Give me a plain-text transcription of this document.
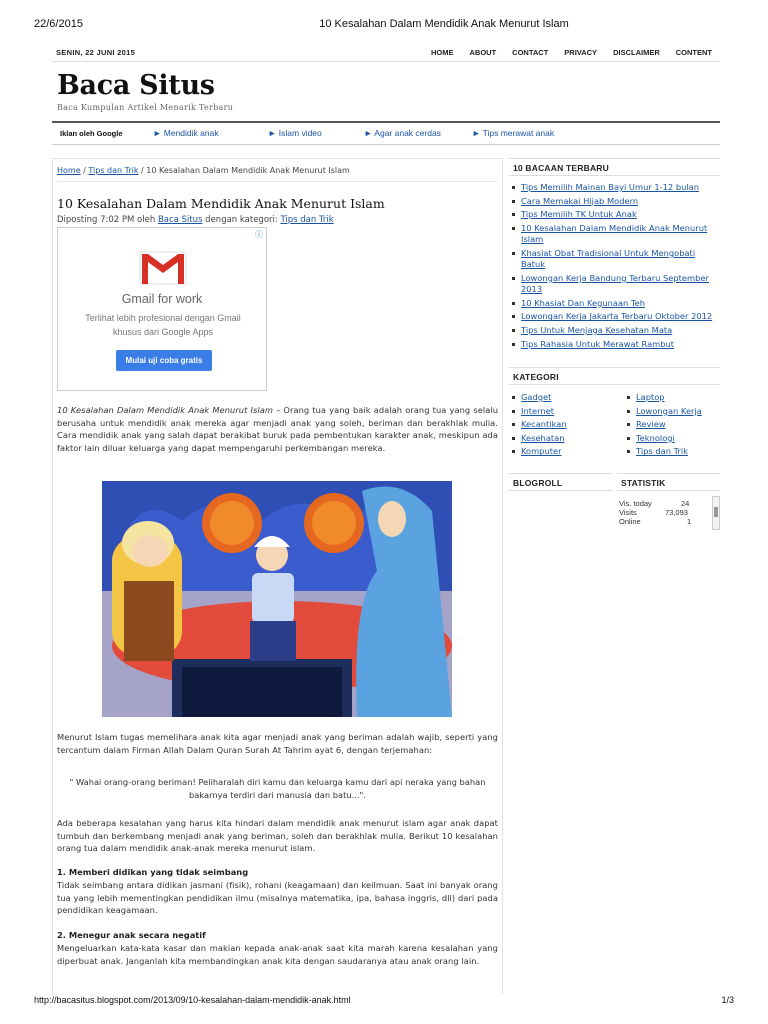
22/6/2015	10 Kesalahan Dalam Mendidik Anak Menurut Islam
SENIN, 22 JUNI 2015	HOME ABOUT CONTACT PRIVACY DISCLAIMER CONTENT
Baca Situs
Baca Kumpulan Artikel Menarik Terbaru
Iklan oleh Google	► Mendidik anak	► Islam video	► Agar anak cerdas	► Tips merawat anak
Home / Tips dan Trik / 10 Kesalahan Dalam Mendidik Anak Menurut Islam
10 Kesalahan Dalam Mendidik Anak Menurut Islam
Diposting 7:02 PM oleh Baca Situs dengan kategori: Tips dan Trik
ⓘ
Gmail for work
Terlihat lebih profesional dengan Gmail khusus dari Google Apps
Mulai uji coba gratis

10 Kesalahan Dalam Mendidik Anak Menurut Islam – Orang tua yang baik adalah orang tua yang selalu berusaha untuk mendidik anak mereka agar menjadi anak yang soleh, beriman dan berakhlak mulia. Cara mendidik anak yang salah dapat berakibat buruk pada pembentukan karakter anak, meskipun ada faktor lain diluar keluarga yang dapat mempengaruhi perkembangan mereka.

Menurut Islam tugas memelihara anak kita agar menjadi anak yang beriman adalah wajib, seperti yang tercantum dalam Firman Allah Dalam Quran Surah At Tahrim ayat 6, dengan terjemahan:

" Wahai orang-orang beriman! Peliharalah diri kamu dan keluarga kamu dari api neraka yang bahan bakarnya terdiri dari manusia dan batu...".

Ada beberapa kesalahan yang harus kita hindari dalam mendidik anak menurut islam agar anak dapat tumbuh dan berkembang menjadi anak yang beriman, soleh dan berakhlak mulia. Berikut 10 kesalahan orang tua dalam mendidik anak-anak mereka menurut islam.

1. Memberi didikan yang tidak seimbang

Tidak seimbang antara didikan jasmani (fisik), rohani (keagamaan) dan keilmuan. Saat ini banyak orang tua yang lebih mementingkan pendidikan ilmu (misalnya matematika, ipa, bahasa inggris, dll) dari pada pendidikan keagamaan.

2. Menegur anak secara negatif

Mengeluarkan kata-kata kasar dan makian kepada anak-anak saat kita marah karena kesalahan yang diperbuat anak. Janganlah kita membandingkan anak kita dengan saudaranya atau anak orang lain.

10 BACAAN TERBARU
Tips Memilih Mainan Bayi Umur 1-12 bulan
Cara Memakai Hijab Modern
Tips Memilih TK Untuk Anak
10 Kesalahan Dalam Mendidik Anak Menurut Islam
Khasiat Obat Tradisional Untuk Mengobati Batuk
Lowongan Kerja Bandung Terbaru September 2013
10 Khasiat Dan Kegunaan Teh
Lowongan Kerja Jakarta Terbaru Oktober 2012
Tips Untuk Menjaga Kesehatan Mata
Tips Rahasia Untuk Merawat Rambut
KATEGORI
Gadget
Internet
Kecantikan
Kesehatan
Komputer
Laptop
Lowongan Kerja
Review
Teknologi
Tips dan Trik
BLOGROLL	STATISTIK
Vis. today	24
Visits	73,093
Online	1
http://bacasitus.blogspot.com/2013/09/10-kesalahan-dalam-mendidik-anak.html	1/3
